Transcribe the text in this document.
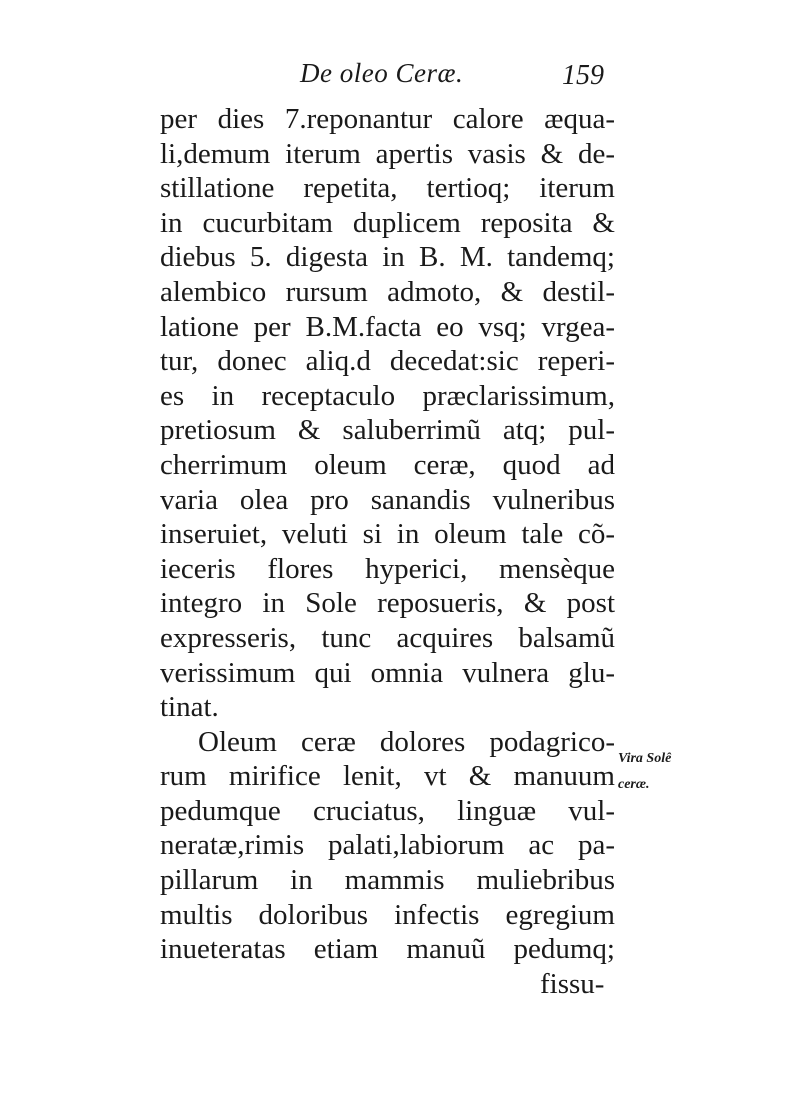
De oleo Ceræ.	159
per dies 7.reponantur calore æqua-
li,demum iterum apertis vasis & de-
stillatione repetita, tertioq; iterum
in cucurbitam duplicem reposita &
diebus 5. digesta in B. M. tandemq;
alembico rursum admoto, & destil-
latione per B.M.facta eo vsq; vrgea-
tur, donec aliq.d decedat:sic reperi-
es in receptaculo præclarissimum,
pretiosum & saluberrimũ atq; pul-
cherrimum oleum ceræ, quod ad
varia olea pro sanandis vulneribus
inseruiet, veluti si in oleum tale cõ-
ieceris flores hyperici, mensèque
integro in Sole reposueris, & post
expresseris, tunc acquires balsamũ
verissimum qui omnia vulnera glu-
tinat.
Oleum ceræ dolores podagrico-
rum mirifice lenit, vt & manuum
pedumque cruciatus, linguæ vul-
neratæ,rimis palati,labiorum ac pa-
pillarum in mammis muliebribus
multis doloribus infectis egregium
inueteratas etiam manuũ pedumq;
fissu-
Vira Solê
ceræ.
